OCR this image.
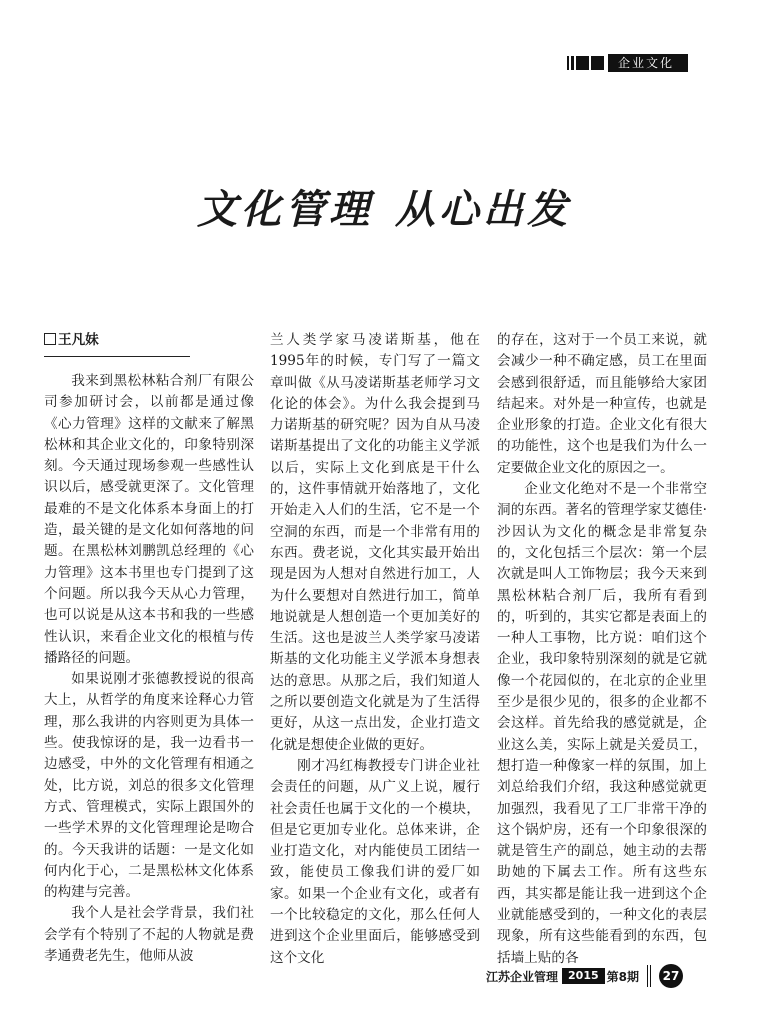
企业文化
文化管理 从心出发
王凡妹

我来到黑松林粘合剂厂有限公司参加研讨会，以前都是通过像《心力管理》这样的文献来了解黑松林和其企业文化的，印象特别深刻。今天通过现场参观一些感性认识以后，感受就更深了。文化管理最难的不是文化体系本身面上的打造，最关键的是文化如何落地的问题。在黑松林刘鹏凯总经理的《心力管理》这本书里也专门提到了这个问题。所以我今天从心力管理，也可以说是从这本书和我的一些感性认识，来看企业文化的根植与传播路径的问题。

如果说刚才张德教授说的很高大上，从哲学的角度来诠释心力管理，那么我讲的内容则更为具体一些。使我惊讶的是，我一边看书一边感受，中外的文化管理有相通之处，比方说，刘总的很多文化管理方式、管理模式，实际上跟国外的一些学术界的文化管理理论是吻合的。今天我讲的话题：一是文化如何内化于心，二是黑松林文化体系的构建与完善。

我个人是社会学背景，我们社会学有个特别了不起的人物就是费孝通费老先生，他师从波

兰人类学家马凌诺斯基，他在1995年的时候，专门写了一篇文章叫做《从马凌诺斯基老师学习文化论的体会》。为什么我会提到马力诺斯基的研究呢？因为自从马凌诺斯基提出了文化的功能主义学派以后，实际上文化到底是干什么的，这件事情就开始落地了，文化开始走入人们的生活，它不是一个空洞的东西，而是一个非常有用的东西。费老说，文化其实最开始出现是因为人想对自然进行加工，人为什么要想对自然进行加工，简单地说就是人想创造一个更加美好的生活。这也是波兰人类学家马凌诺斯基的文化功能主义学派本身想表达的意思。从那之后，我们知道人之所以要创造文化就是为了生活得更好，从这一点出发，企业打造文化就是想使企业做的更好。

刚才冯红梅教授专门讲企业社会责任的问题，从广义上说，履行社会责任也属于文化的一个模块，但是它更加专业化。总体来讲，企业打造文化，对内能使员工团结一致，能使员工像我们讲的爱厂如家。如果一个企业有文化，或者有一个比较稳定的文化，那么任何人进到这个企业里面后，能够感受到这个文化

的存在，这对于一个员工来说，就会减少一种不确定感，员工在里面会感到很舒适，而且能够给大家团结起来。对外是一种宣传，也就是企业形象的打造。企业文化有很大的功能性，这个也是我们为什么一定要做企业文化的原因之一。

企业文化绝对不是一个非常空洞的东西。著名的管理学家艾德佳·沙因认为文化的概念是非常复杂的，文化包括三个层次：第一个层次就是叫人工饰物层；我今天来到黑松林粘合剂厂后，我所有看到的，听到的，其实它都是表面上的一种人工事物，比方说：咱们这个企业，我印象特别深刻的就是它就像一个花园似的，在北京的企业里至少是很少见的，很多的企业都不会这样。首先给我的感觉就是，企业这么美，实际上就是关爱员工，想打造一种像家一样的氛围，加上刘总给我们介绍，我这种感觉就更加强烈，我看见了工厂非常干净的这个锅炉房，还有一个印象很深的就是管生产的副总，她主动的去帮助她的下属去工作。所有这些东西，其实都是能让我一进到这个企业就能感受到的，一种文化的表层现象，所有这些能看到的东西，包括墙上贴的各

江苏企业管理 2015 第8期	27
